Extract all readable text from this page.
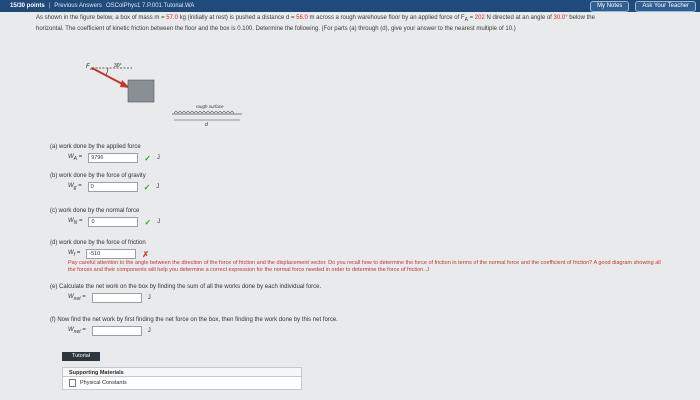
15/30 points | Previous Answers OSColPhys1 7.P.001.Tutorial.WA	My Notes	Ask Your Teacher
As shown in the figure below, a box of mass m = 57.0 kg (initially at rest) is pushed a distance d = 56.0 m across a rough warehouse floor by an applied force of $F_A = 202$ N directed at an angle of 30.0° below the
horizontal. The coefficient of kinetic friction between the floor and the box is 0.100. Determine the following. (For parts (a) through (d), give your answer to the nearest multiple of 10.)
F A	30°
rough surface
d
(a) work done by the applied force
$W_A$ =	9796	✓ J
(b) work done by the force of gravity
$W_g$ =	0	✓ J
(c) work done by the normal force
$W_N$ =	0	✓ J
(d) work done by the force of friction
$W_f$ =	-510	✗
Pay careful attention to the angle between the direction of the force of friction and the displacement vector. Do you recall how to determine the force of friction in terms of the normal force and the coefficient of friction? A good diagram showing all the forces and their components will help you determine a correct expression for the normal force needed in order to determine the force of friction. J
(e) Calculate the net work on the box by finding the sum of all the works done by each individual force.
$W_{net}$ =	J
(f) Now find the net work by first finding the net force on the box, then finding the work done by this net force.
$W_{net}$ =	J
Tutorial
Supporting Materials
Physical Constants
